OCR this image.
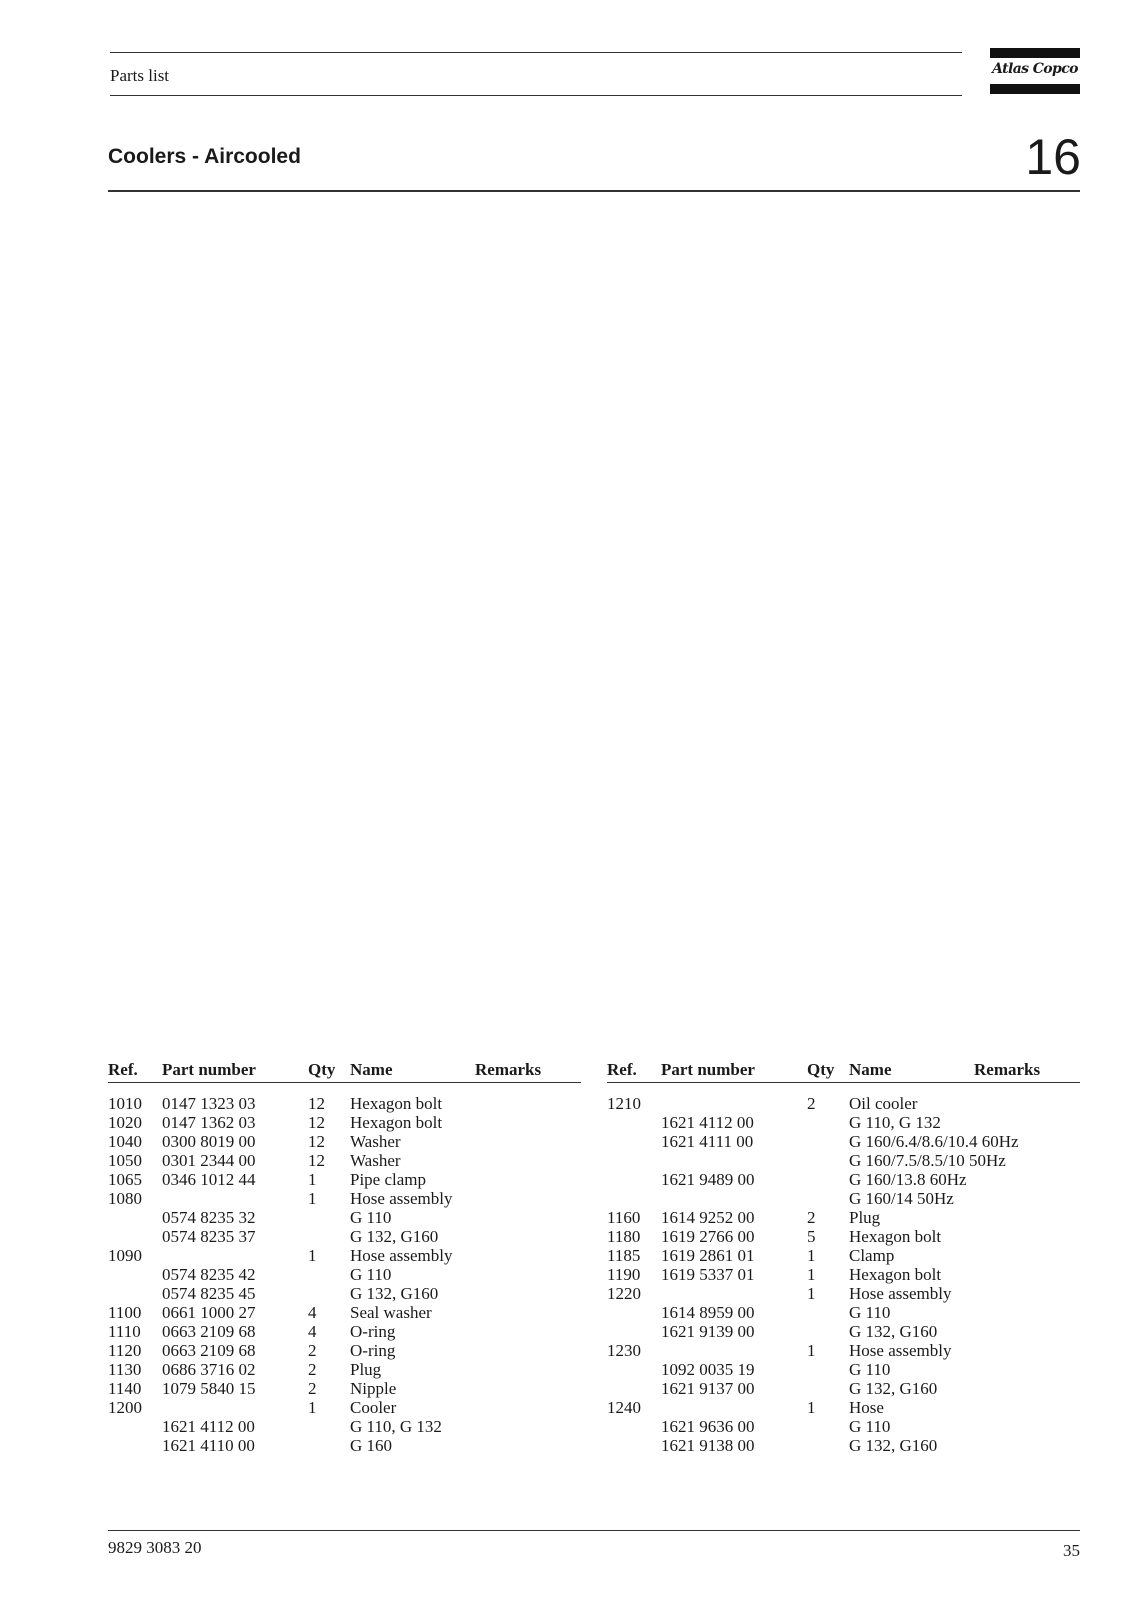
Parts list	Atlas Copco
Coolers - Aircooled	16
Ref. Part number	Qty Name	Remarks
1010 0147 1323 03	12 Hexagon bolt
1020 0147 1362 03	12 Hexagon bolt
1040 0300 8019 00	12 Washer
1050 0301 2344 00	12 Washer
1065 0346 1012 44	1 Pipe clamp
1080	1 Hose assembly
0574 8235 32	G 110
0574 8235 37	G 132, G160
1090	1 Hose assembly
0574 8235 42	G 110
0574 8235 45	G 132, G160
1100 0661 1000 27	4 Seal washer
1110 0663 2109 68	4 O-ring
1120 0663 2109 68	2 O-ring
1130 0686 3716 02	2 Plug
1140 1079 5840 15	2 Nipple
1200	1 Cooler
1621 4112 00	G 110, G 132
1621 4110 00	G 160
Ref. Part number	Qty Name	Remarks
1210	2 Oil cooler
1621 4112 00	G 110, G 132
1621 4111 00	G 160/6.4/8.6/10.4 60Hz
G 160/7.5/8.5/10 50Hz
1621 9489 00	G 160/13.8 60Hz
G 160/14 50Hz
1160 1614 9252 00	2 Plug
1180 1619 2766 00	5 Hexagon bolt
1185 1619 2861 01	1 Clamp
1190 1619 5337 01	1 Hexagon bolt
1220	1 Hose assembly
1614 8959 00	G 110
1621 9139 00	G 132, G160
1230	1 Hose assembly
1092 0035 19	G 110
1621 9137 00	G 132, G160
1240	1 Hose
1621 9636 00	G 110
1621 9138 00	G 132, G160
9829 3083 20	35
